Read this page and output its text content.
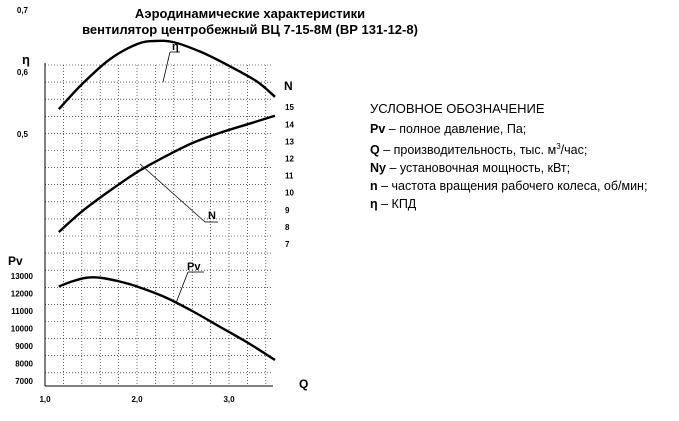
Аэродинамические характеристики
вентилятор центробежный ВЦ 7-15-8М (ВР 131-12-8)
1,0	2,0	3,0
Q
η
0,5
0,6
0,7
N
7
8
9
10
11
12
13
14
15
Pv
7000
8000
9000
10000
11000
12000
13000
η
N
Pv
УСЛОВНОЕ ОБОЗНАЧЕНИЕ
Pv – полное давление, Па;
Q – производительность, тыс. $м^3$/час;
Ny – установочная мощность, кВт;
n – частота вращения рабочего колеса, об/мин;
η – КПД
